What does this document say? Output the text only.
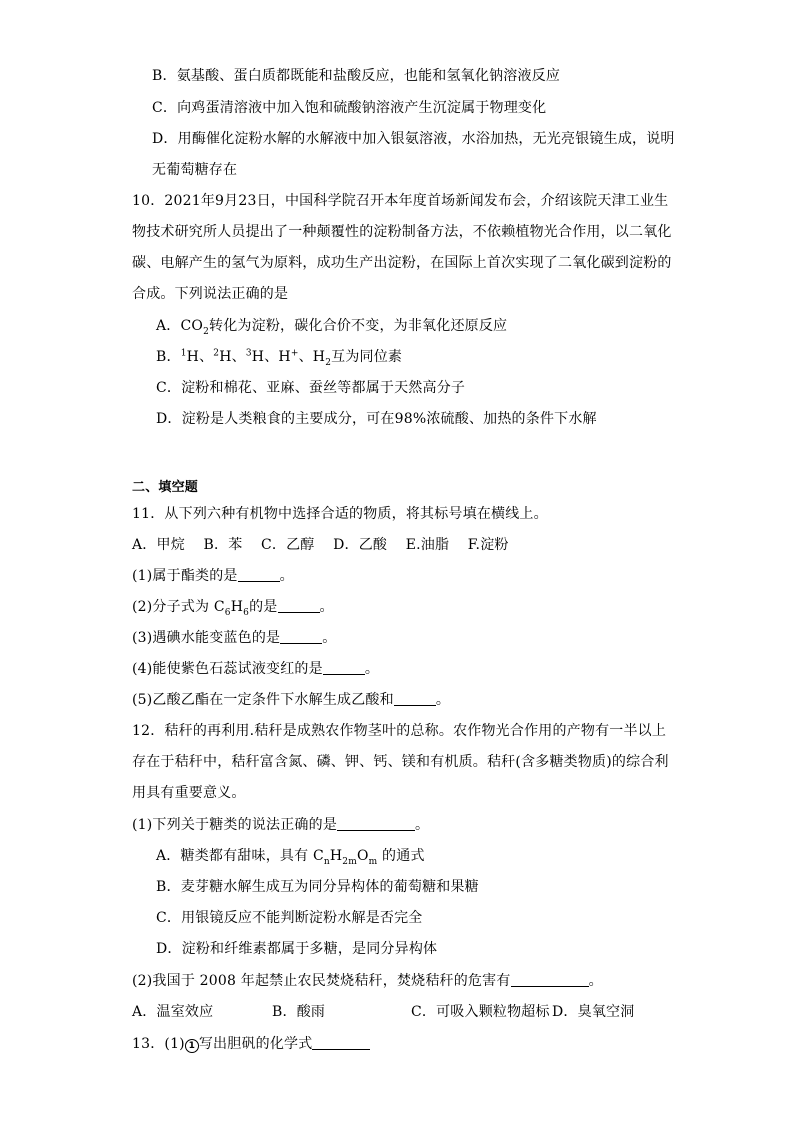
B．氨基酸、蛋白质都既能和盐酸反应，也能和氢氧化钠溶液反应
C．向鸡蛋清溶液中加入饱和硫酸钠溶液产生沉淀属于物理变化
D．用酶催化淀粉水解的水解液中加入银氨溶液，水浴加热，无光亮银镜生成，说明
无葡萄糖存在
10．2021年9月23日，中国科学院召开本年度首场新闻发布会，介绍该院天津工业生
物技术研究所人员提出了一种颠覆性的淀粉制备方法，不依赖植物光合作用，以二氧化
碳、电解产生的氢气为原料，成功生产出淀粉，在国际上首次实现了二氧化碳到淀粉的
合成。下列说法正确的是
A．$CO_2$转化为淀粉，碳化合价不变，为非氧化还原反应
B．$^1$H、$^2$H、$^3$H、H+、$H_2$互为同位素
C．淀粉和棉花、亚麻、蚕丝等都属于天然高分子
D．淀粉是人类粮食的主要成分，可在98%浓硫酸、加热的条件下水解
二、填空题
11．从下列六种有机物中选择合适的物质，将其标号填在横线上。
A．甲烷    B．苯    C．乙醇    D．乙酸    E.油脂    F.淀粉
(1)属于酯类的是	。
(2)分子式为 $C_6H_6$的是	。
(3)遇碘水能变蓝色的是	。
(4)能使紫色石蕊试液变红的是	。
(5)乙酸乙酯在一定条件下水解生成乙酸和	。
12．秸秆的再利用.秸秆是成熟农作物茎叶的总称。农作物光合作用的产物有一半以上
存在于秸秆中，秸秆富含氮、磷、钾、钙、镁和有机质。秸秆(含多糖类物质)的综合利
用具有重要意义。
(1)下列关于糖类的说法正确的是	。
A．糖类都有甜味，具有 $C_nH_{2m}O_m$ 的通式
B．麦芽糖水解生成互为同分异构体的葡萄糖和果糖
C．用银镜反应不能判断淀粉水解是否完全
D．淀粉和纤维素都属于多糖，是同分异构体
(2)我国于 2008 年起禁止农民焚烧秸秆，焚烧秸秆的危害有	。
A．温室效应	B．酸雨	C．可吸入颗粒物超标 D．臭氧空洞
13．(1) 1 写出胆矾的化学式
